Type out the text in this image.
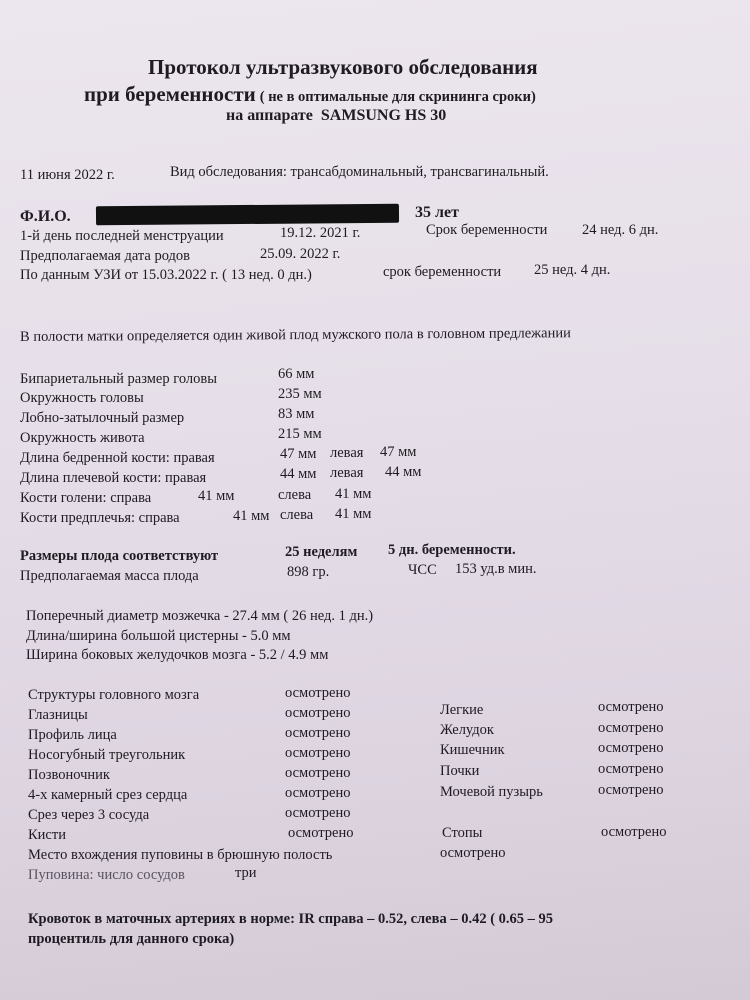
Протокол ультразвукового обследования
при беременности ( не в оптимальные для скрининга сроки)
на аппарате SAMSUNG HS 30
11 июня 2022 г.	Вид обследования: трансабдоминальный, трансвагинальный.
Ф.И.О.	35 лет
1-й день последней менструации	19.12. 2021 г.	Срок беременности 24 нед. 6 дн.
Предполагаемая дата родов	25.09. 2022 г.
По данным УЗИ от 15.03.2022 г. ( 13 нед. 0 дн.)	срок беременности 25 нед. 4 дн.
В полости матки определяется один живой плод мужского пола в головном предлежании
Бипариетальный размер головы	66 мм
Окружность головы	235 мм
Лобно-затылочный размер	83 мм
Окружность живота	215 мм
Длина бедренной кости: правая	47 мм левая 47 мм
Длина плечевой кости: правая	44 мм левая 44 мм
Кости голени: справа	41 мм	слева 41 мм
Кости предплечья: справа	41 мм слева 41 мм
Размеры плода соответствуют	25 неделям 5 дн. беременности.
Предполагаемая масса плода	898 гр.	ЧСС 153 уд.в мин.
Поперечный диаметр мозжечка - 27.4 мм ( 26 нед. 1 дн.)
Длина/ширина большой цистерны - 5.0 мм
Ширина боковых желудочков мозга - 5.2 / 4.9 мм
Структуры головного мозга	осмотрено
Глазницы	осмотрено
Профиль лица	осмотрено
Носогубный треугольник	осмотрено
Позвоночник	осмотрено
4-х камерный срез сердца	осмотрено
Срез через 3 сосуда	осмотрено
Кисти	осмотрено
Место вхождения пуповины в брюшную полость	осмотрено
Пуповина: число сосудов	три
Легкие	осмотрено
Желудок	осмотрено
Кишечник	осмотрено
Почки	осмотрено
Мочевой пузырь	осмотрено
Стопы	осмотрено
Кровоток в маточных артериях в норме: IR справа – 0.52, слева – 0.42 ( 0.65 – 95
процентиль для данного срока)
